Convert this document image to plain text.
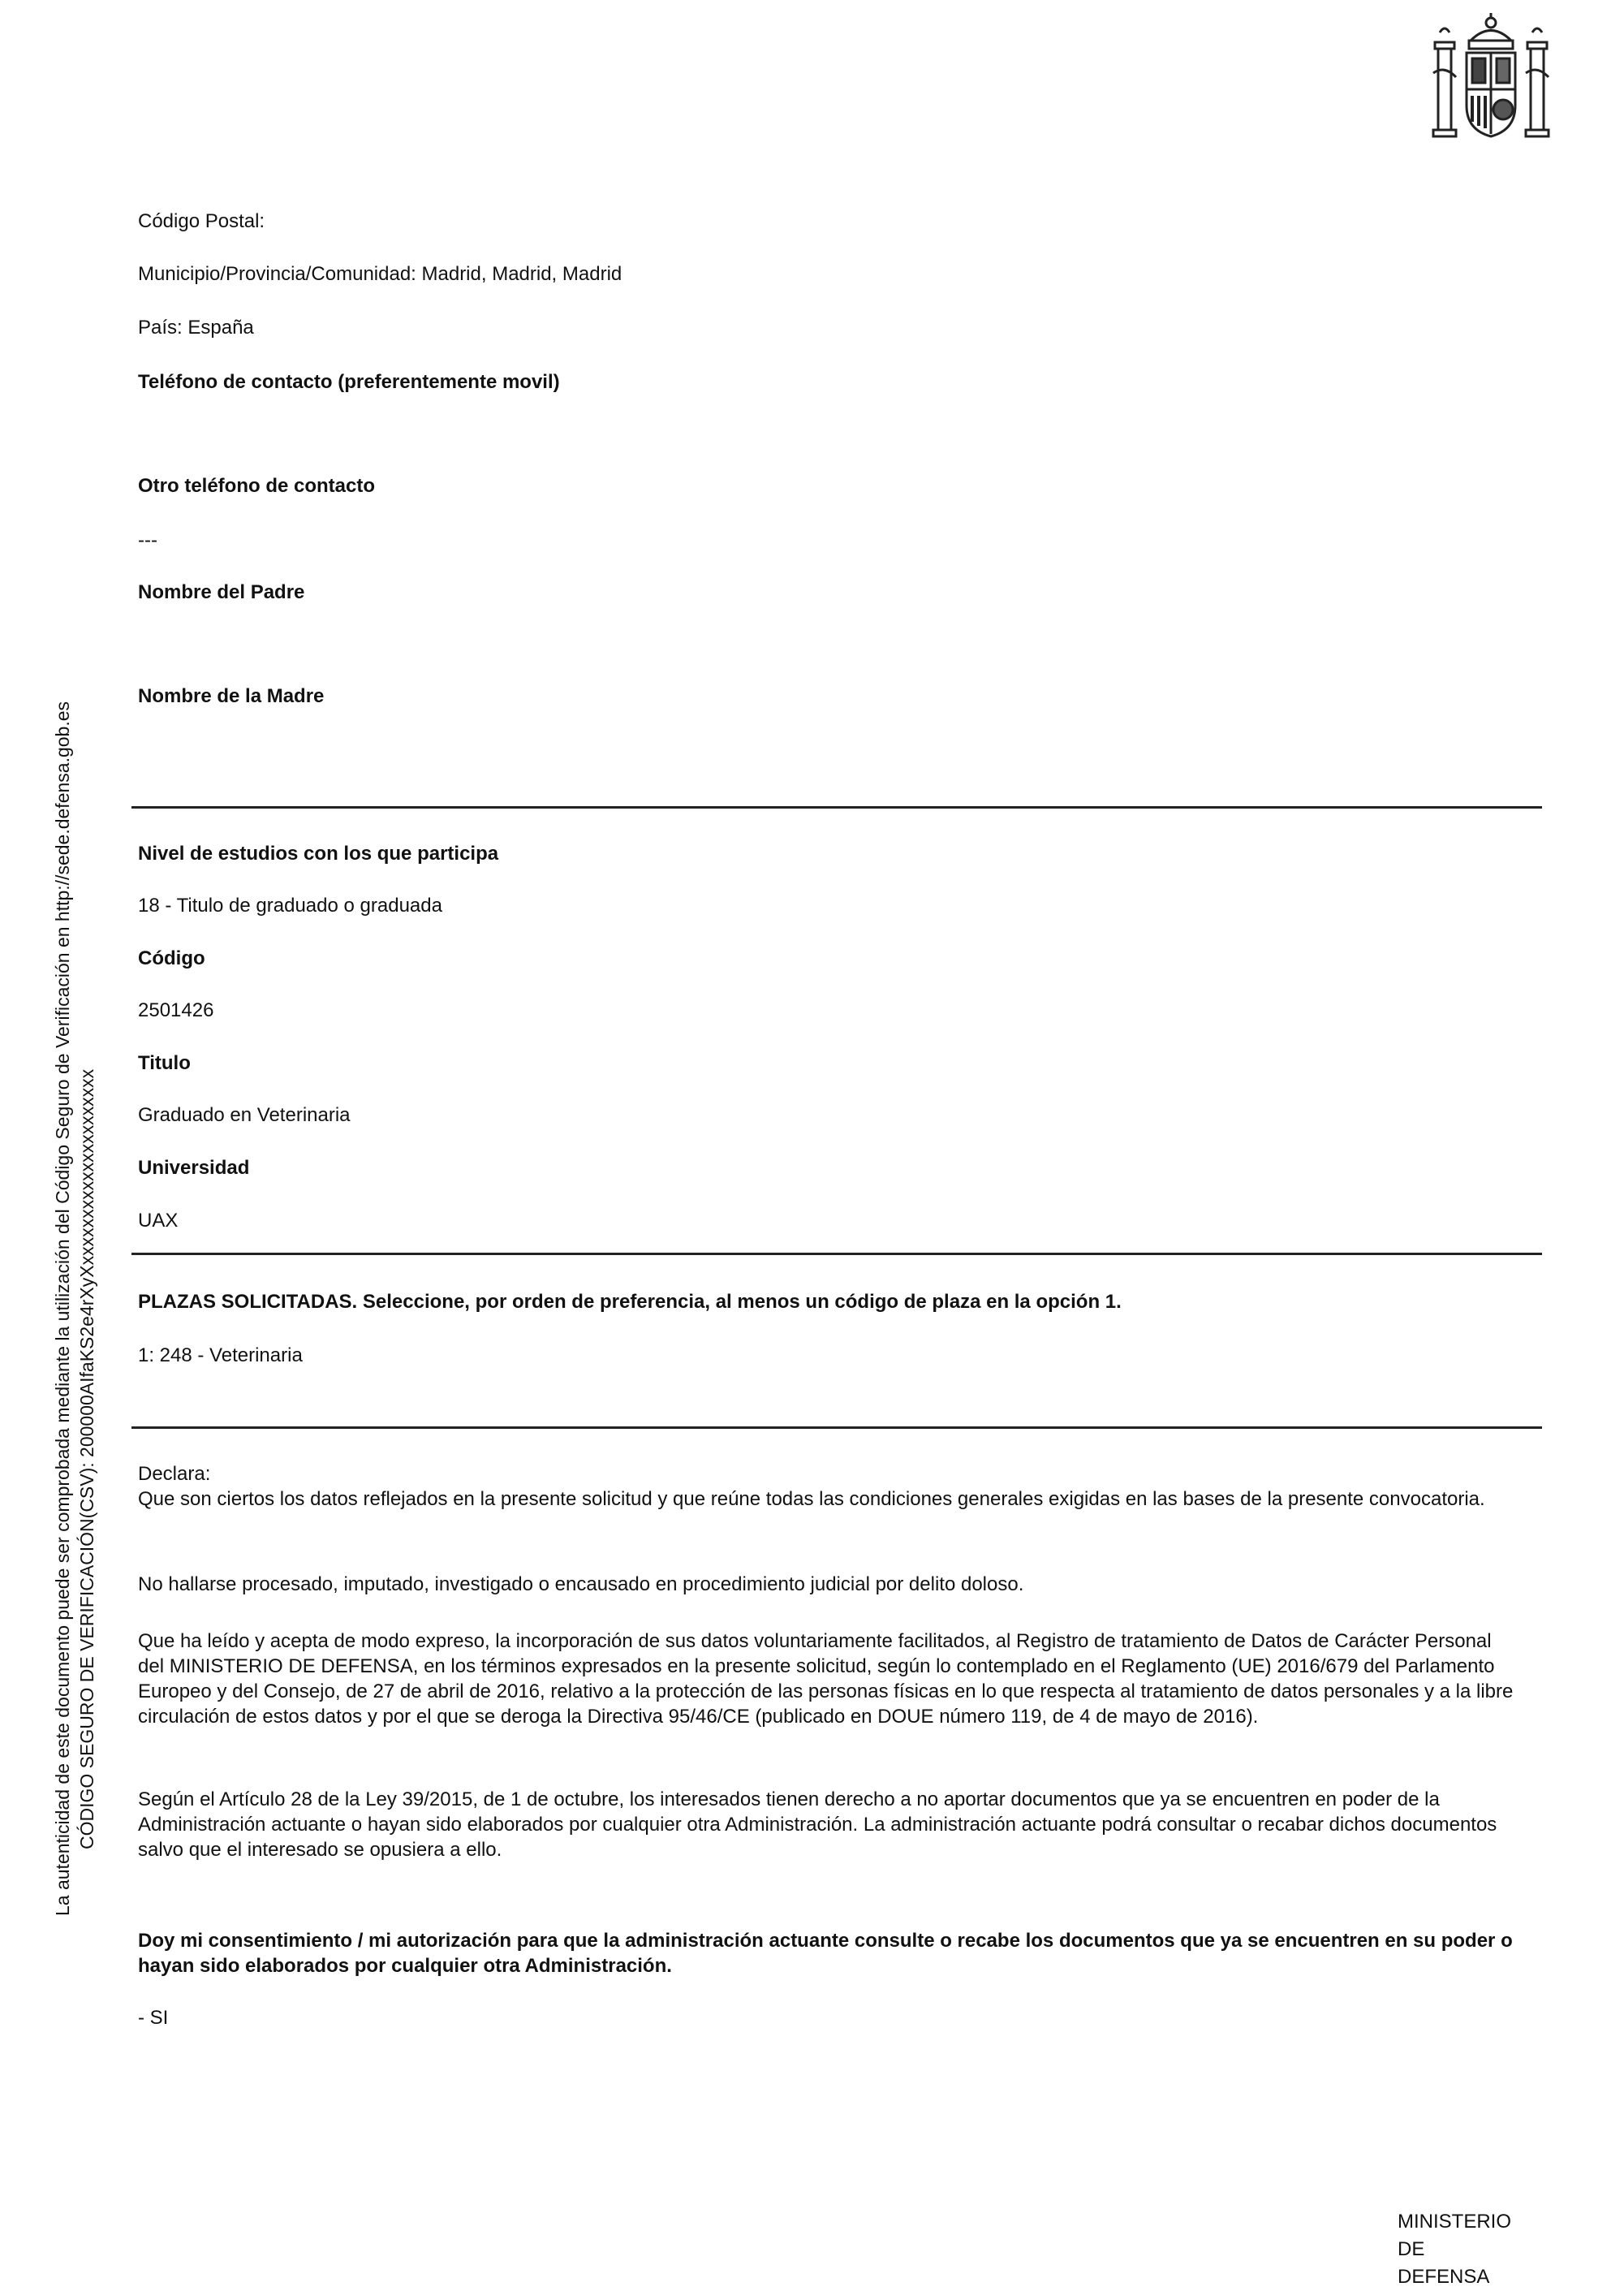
La autenticidad de este documento puede ser comprobada mediante la utilización del Código Seguro de Verificación en http://sede.defensa.gob.es CÓDIGO SEGURO DE VERIFICACIÓN(CSV): 200000AIfaKS2e4rXyXxxxxxxxxxxxxxxxxxxxxx
Código Postal:
Municipio/Provincia/Comunidad: Madrid, Madrid, Madrid
País: España
Teléfono de contacto (preferentemente movil)
Otro teléfono de contacto
---
Nombre del Padre
Nombre de la Madre
Nivel de estudios con los que participa
18 - Titulo de graduado o graduada
Código
2501426
Titulo
Graduado en Veterinaria
Universidad
UAX
PLAZAS SOLICITADAS. Seleccione, por orden de preferencia, al menos un código de plaza en la opción 1.
1: 248 - Veterinaria

Declara:

Que son ciertos los datos reflejados en la presente solicitud y que reúne todas las condiciones generales exigidas en las bases de la presente convocatoria.

No hallarse procesado, imputado, investigado o encausado en procedimiento judicial por delito doloso.
Que ha leído y acepta de modo expreso, la incorporación de sus datos voluntariamente facilitados, al Registro de tratamiento de Datos de Carácter Personal del MINISTERIO DE DEFENSA, en los términos expresados en la presente solicitud, según lo contemplado en el Reglamento (UE) 2016/679 del Parlamento Europeo y del Consejo, de 27 de abril de 2016, relativo a la protección de las personas físicas en lo que respecta al tratamiento de datos personales y a la libre circulación de estos datos y por el que se deroga la Directiva 95/46/CE (publicado en DOUE número 119, de 4 de mayo de 2016).
Según el Artículo 28 de la Ley 39/2015, de 1 de octubre, los interesados tienen derecho a no aportar documentos que ya se encuentren en poder de la Administración actuante o hayan sido elaborados por cualquier otra Administración. La administración actuante podrá consultar o recabar dichos documentos salvo que el interesado se opusiera a ello.
Doy mi consentimiento / mi autorización para que la administración actuante consulte o recabe los documentos que ya se encuentren en su poder o hayan sido elaborados por cualquier otra Administración.
- SI
MINISTERIO
DE
DEFENSA
